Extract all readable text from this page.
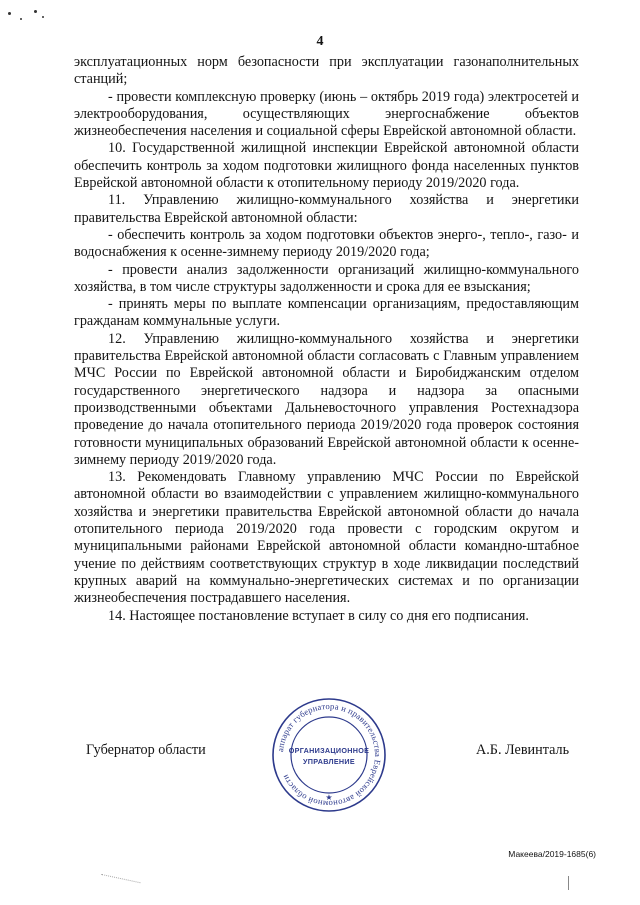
4

эксплуатационных норм безопасности при эксплуатации газонаполнительных станций;

- провести комплексную проверку (июнь – октябрь 2019 года) электросетей и электрооборудования, осуществляющих энергоснабжение объектов жизнеобеспечения населения и социальной сферы Еврейской автономной области.

10. Государственной жилищной инспекции Еврейской автономной области обеспечить контроль за ходом подготовки жилищного фонда населенных пунктов Еврейской автономной области к отопительному периоду 2019/2020 года.

11. Управлению жилищно-коммунального хозяйства и энергетики правительства Еврейской автономной области:

- обеспечить контроль за ходом подготовки объектов энерго-, тепло-, газо- и водоснабжения к осенне-зимнему периоду 2019/2020 года;

- провести анализ задолженности организаций жилищно-коммунального хозяйства, в том числе структуры задолженности и срока для ее взыскания;

- принять меры по выплате компенсации организациям, предоставляющим гражданам коммунальные услуги.

12. Управлению жилищно-коммунального хозяйства и энергетики правительства Еврейской автономной области согласовать с Главным управлением МЧС России по Еврейской автономной области и Биробиджанским отделом государственного энергетического надзора и надзора за опасными производственными объектами Дальневосточного управления Ростехнадзора проведение до начала отопительного периода 2019/2020 года проверок состояния готовности муниципальных образований Еврейской автономной области к осенне-зимнему периоду 2019/2020 года.

13. Рекомендовать Главному управлению МЧС России по Еврейской автономной области во взаимодействии с управлением жилищно-коммунального хозяйства и энергетики правительства Еврейской автономной области до начала отопительного периода 2019/2020 года провести с городским округом и муниципальными районами Еврейской автономной области командно-штабное учение по действиям соответствующих структур в ходе ликвидации последствий крупных аварий на коммунально-энергетических системах и по организации жизнеобеспечения пострадавшего населения.

14. Настоящее постановление вступает в силу со дня его подписания.

Губернатор области	аппарат губернатора и правительства Еврейской автономной области
ОРГАНИЗАЦИОННОЕ
УПРАВЛЕНИЕ
★
А.Б. Левинталь
Макеева/2019-1685(6)
